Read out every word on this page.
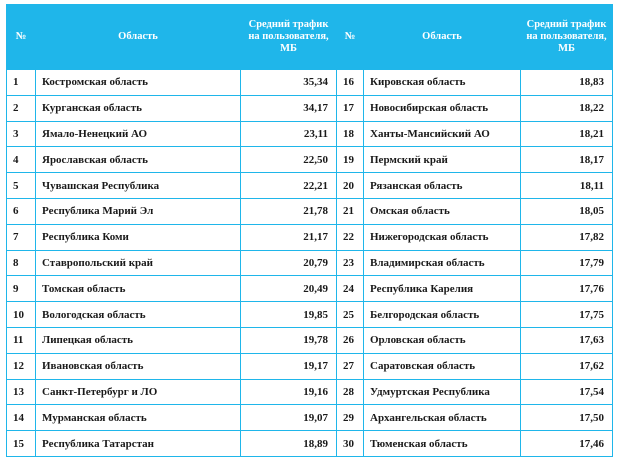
№	Область	Средний трафик на пользователя, МБ	№	Область	Средний трафик на пользователя, МБ
1	Костромская область	35,34	16	Кировская область	18,83
2	Курганская область	34,17	17	Новосибирская область	18,22
3	Ямало-Ненецкий АО	23,11	18	Ханты-Мансийский АО	18,21
4	Ярославская область	22,50	19	Пермский край	18,17
5	Чувашская Республика	22,21	20	Рязанская область	18,11
6	Республика Марий Эл	21,78	21	Омская область	18,05
7	Республика Коми	21,17	22	Нижегородская область	17,82
8	Ставропольский край	20,79	23	Владимирская область	17,79
9	Томская область	20,49	24	Республика Карелия	17,76
10	Вологодская область	19,85	25	Белгородская область	17,75
11	Липецкая область	19,78	26	Орловская область	17,63
12	Ивановская область	19,17	27	Саратовская область	17,62
13	Санкт-Петербург и ЛО	19,16	28	Удмуртская Республика	17,54
14	Мурманская область	19,07	29	Архангельская область	17,50
15	Республика Татарстан	18,89	30	Тюменская область	17,46
